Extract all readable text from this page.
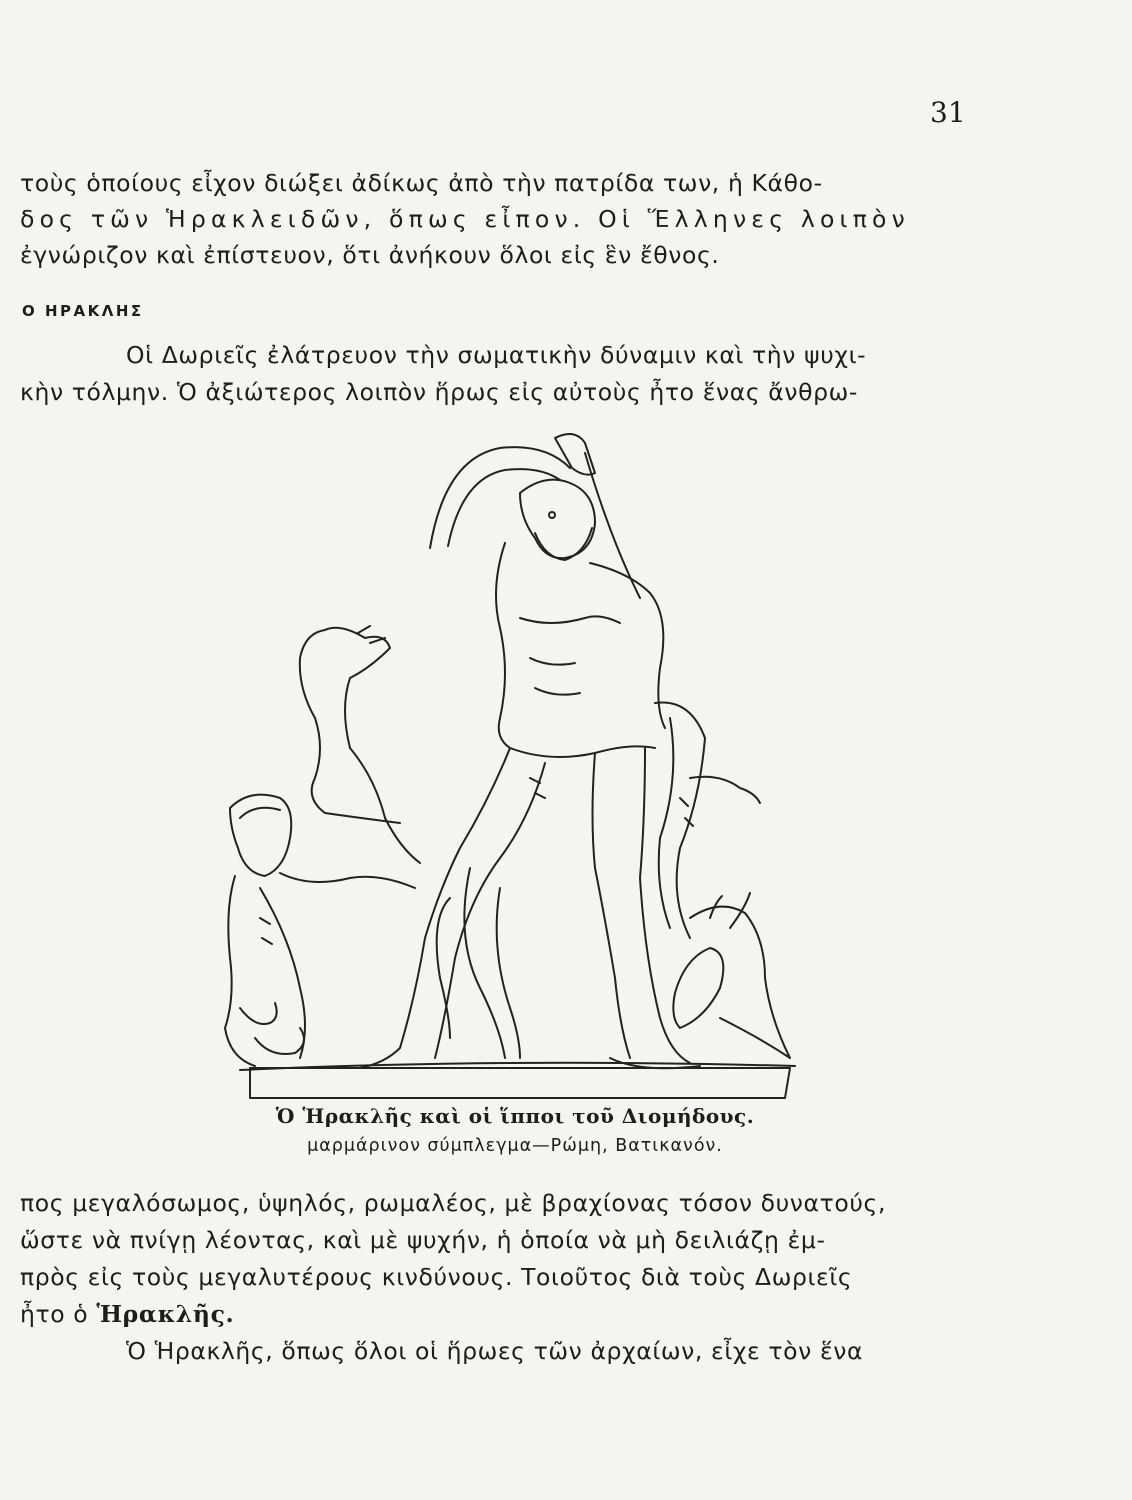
31
τοὺς ὁποίους εἶχον διώξει ἀδίκως ἀπὸ τὴν πατρίδα των, ἡ Κάθο-
δος τῶν Ἡρακλειδῶν, ὅπως εἶπον. Οἱ Ἕλληνες λοιπὸν
ἐγνώριζον καὶ ἐπίστευον, ὅτι ἀνήκουν ὅλοι εἰς ἓν ἔθνος.
Ο ΗΡΑΚΛΗΣ
Οἱ Δωριεῖς ἐλάτρευον τὴν σωματικὴν δύναμιν καὶ τὴν ψυχι-
κὴν τόλμην. Ὁ ἀξιώτερος λοιπὸν ἥρως εἰς αὐτοὺς ἦτο ἕνας ἄνθρω-
Ὁ Ἡρακλῆς καὶ οἱ ἵπποι τοῦ Διομήδους.
μαρμάρινον σύμπλεγμα—Ρώμη, Βατικανόν.
πος μεγαλόσωμος, ὑψηλός, ρωμαλέος, μὲ βραχίονας τόσον δυνατούς,
ὥστε νὰ πνίγῃ λέοντας, καὶ μὲ ψυχήν, ἡ ὁποία νὰ μὴ δειλιάζῃ ἐμ-
πρὸς εἰς τοὺς μεγαλυτέρους κινδύνους. Τοιοῦτος διὰ τοὺς Δωριεῖς
ἦτο ὁ Ἡρακλῆς.
Ὁ Ἡρακλῆς, ὅπως ὅλοι οἱ ἥρωες τῶν ἀρχαίων, εἶχε τὸν ἕνα
